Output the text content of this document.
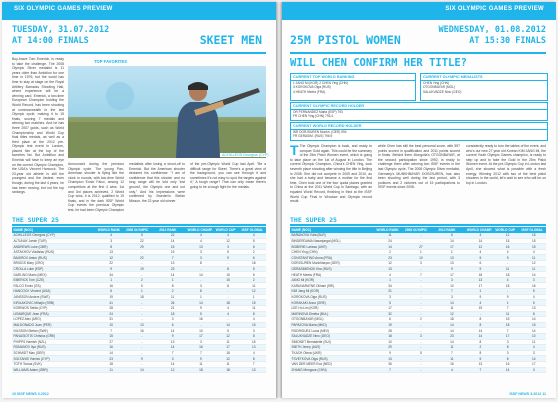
SIX OLYMPIC GAMES PREVIEW
TUESDAY, 31.07.2012
AT 14:00 FINALS	SKEET MEN
Boy-brave Tom Emerick, is ready to take the challenge. The 2008 Olympic Silver medalist is 11 years older than Ambition for one time in 1976, but the world has time to stay at stage on the Royal Artillery Barracks Shooting Hall, where experience will be a winning card. Emerick, a two-time European Champion holding the World Record, has been shooting at commonwealth in the last Olympic cycle, making it to 15 finals, scoring 7 medals and winning two matches. And he has three 2007 golds, such as World Championship and World Cup final titles medals, as well as a third place at the 2012 pre-Olympic test event in London, placed him at the top of the favorites list. But Ambition and Emerick will have to keep an eye on the current Olympic Champion, the USA's Vincent Hancock. The 23-year old athlete is still the youngest and the fastest, even though, during the last 4 years, he has been moving, but not the top rankings.
TOP FAVORITES
ACHILLEOS Georgios (CYP)
Announced during the previous Olympic cycle. The young Pan-American shooter is flying like the clock in rounds, with two-time World Champion Ennio Falco, among 12 competitors at the first 4 wins. 1st and 3rd places achieved, 2 World Cup wins, it is 2012, qualified to 19 finals, and in the dark ISSF World Cup events the previous Olympic test, he had been Olympic Champion
medalists after losing a shoot-off to Emerick. But the American shooter declared his confidence: "I am of confidence that this shooter and no long range will be told only 'lost ground', the Olympic one and not only." And his impressions were confirmed by Sweden's Stefan Nilsson, the 22-year old winner
of the pre-Olympic World Cup last April. "Be a difficult range for Skeet. There's a great view of the background, you can see through it and sometimes it's not easy to spot the targets against it," A tough range? That can only mean there's going to be a tough fight for the medals.
THE SUPER 25
NAME (NOC)	WORLD RANK	2008 OLYMPIC	2012 RANK	WORLD CHAMP. WORLD CUP	ISSF GLOBAL
ACHILLEOS Georgios (CYP)	4	5	22	4	4	4
ALTUNAY Jamie (TUR)	3	22	14	4	12	5
ANDREWS Luke (GBR)	8	29	15	13	3	6
ASTAKHOV Vladislav (RUS)	13	-	19	3	5	2
BAGIROV Anton (RUS)	12	22	7	3	9	6
BRIGGS Mary (CRO)	22	-	13	8	-	18
CROLLA Luke (ESP)	9	19	23	-	8	5
DARLING Mario (MEX)	34	-	14	14	15	6
EMERICK Tom (CZE)	1	2	1	-	15	2
FALCO Ennio (ITA)	16	5	8	3	8	11
HANCOCK Vincent (USA)	6	1	2	8	-	12
JANSSON Anders (SWE)	19	18	11	1	-	1
KIRILAKOVIC Mihajlo (SRB)	41	-	26	14	18	15
KORIWOS Stella (CYP)	28	-	21	9	4	11
LEMARQUE Jean (FRA)	24	-	18	5	4	8
LOPEZ Alex (ARG)	31	-	3	16	-	4
MALDONADO Juan (PER)	10	13	6	-	14	15
NILSSON Stefan (SWE)	7	16	14	10	5	3
PANAGIOTIS Christos (GRE)	15	-	9	17	12	8
PHIPPS Hamish (NZL)	27	-	13	3	11	15
ROMANOV Ilya (RUS)	16	-	14	16	17	13
SCHMIDT Max (GER)	14	-	7	7	18	4
SOLTANIS Yiannis (CYP)	23	9	3	9	12	8
TOTH Tomas (SVK)	18	-	14	11	11	7
WILLIAMS Adam (GBR)	11	14	12	18	18	13
10 ISSF NEWS 3.2012
SIX OLYMPIC GAMES PREVIEW
25M PISTOL WOMEN
WEDNESDAY, 01.08.2012
AT 15:30 FINALS
WILL CHEN CONFIRM HER TITLE?
CURRENT TOP WORLD RANKING
1 JANG Mi (KOR) 2 CHEN Ying (CHN)
3 KOROKOVA Olga (RUS)
4 HEATH Meeta (FRA)
CURRENT OLYMPIC MEDALISTS
CHEN Ying (CHN)
OTGONBAYAR (MGL)
SALUKVADZE Nino (GEO)
CURRENT OLYMPIC RECORD HOLDER
OR FERNANDEZ Marta (ESP) 793
FR CHEN Ying (CHN) 793.4
CURRENT WORLD RECORD HOLDER
WR DORJSUREN Munkh. (GER) 594
FR GERASIM. (RUS) 796.9
T The Olympic Champion is back, and ready to conquer Gold again. This could be the summary of the 25m Pistol Women event, which is going to take place on the 1st of August in London. The current Olympic Champion, China's CHEN Ying, took seventh place shooting after winning the title in Beijing in 2008. She did not compete in 2009 and 2010, as she had a baby and became a mother for the first time. Chen took one of the four quota places granted to China at the 2011 World Cup in Santiago, with an equaled World Record, finishing in third at the ISSF World Cup Final in Wroclaw and Olympic record result.
while Chen has still the best personal score, with 597 points scored in qualification and 2011 points scored in finals. Behind them Mongolia's OTGONBAYAR, at the second participation since 1992, is ready to challenge them after winning two ISSF events in the last Olympic cycle. The 2008 Olympic Silver medalist, Germany's MUNKHBAYAR DORJSUREN, has also been shooting well during the last period, with 3 podiums and 2 victories out of 15 participations to ISSF events since 2008.
consistently ready to turn the tables of the event, and who's our new 27 year old Korean KIM JANG MI, the current Youth Olympic Games champion, is ready to step up and to take the Gold in the 25m Pistol Women event. At the pre-Olympic Cup in London last April, she showed what is possible with a fresh energy. Winning 2012 with two of the best pistol shooters in the world, let's wait to see who will be on top in London.
THE SUPER 25
NAME (NOC)	WORLD RANK	2008 OLYMPIC	2012 RANK	WORLD CHAMP.	WORLD CUP	ISSF GLOBAL
BARANOVA Yulia (BLR)	11	-	6	3	12	15
BINDERDAMA Nasanjargal (MGL)	24	-	14	14	15	15
BOBERIE Larissa (UKR)	14	27	17	12	16	15
CHEN Ying (CHN)	2	1	1	4	4	4
CONSTANTINO Anna (FRA)	23	10	13	5	9	11
DORJSUREN Munkhbayar (GER)	12	3	13	6	-	12
GERASIMENOK Kira (RUS)	13	-	9	9	11	11
HEATH Meeta (FRA)	4	7	17	18	18	14
JANG Mi (KOR)	1	-	3	13	4	3
KARUNARATNE Dilhani (SRI)	34	-	10	17	18	16
KIM Jang Mi (KOR)	21	-	7	1	-	5
KOROKOVA Olga (RUS)	3	-	3	9	9	4
KORAKAKI Anna (GRE)	5	-	14	4	1	5
LEE Ho Lim (KOR)	17	-	11	19	7	13
MARINOVA Dimitra (BUL)	32	-	12	-	11	8
OTGONBAYAR (MGL)	6	2	18	8	15	14
PAPAZOVA Maria (MKD)	19	-	14	8	18	15
RODRIGUEZ Lucia (MEX)	28	-	14	14	7	14
SALUKVADZE Nino (GEO)	18	3	23	14	17	10
SIMONET Bernadette (SUI)	10	-	14	8	3	11
SMITH Jenny (AUS)	29	-	11	2	8	4
TKACH Olena (UKR)	9	5	7	8	3	3
TSVETKOVA Olga (RUS)	13	-	11	5	8	14
VAN DER MEER Eva (NED)	36	-	16	13	16	17
ZHANG Mengxue (CHN)	7	-	4	7	14	3
ISSF NEWS 3.2012 11
